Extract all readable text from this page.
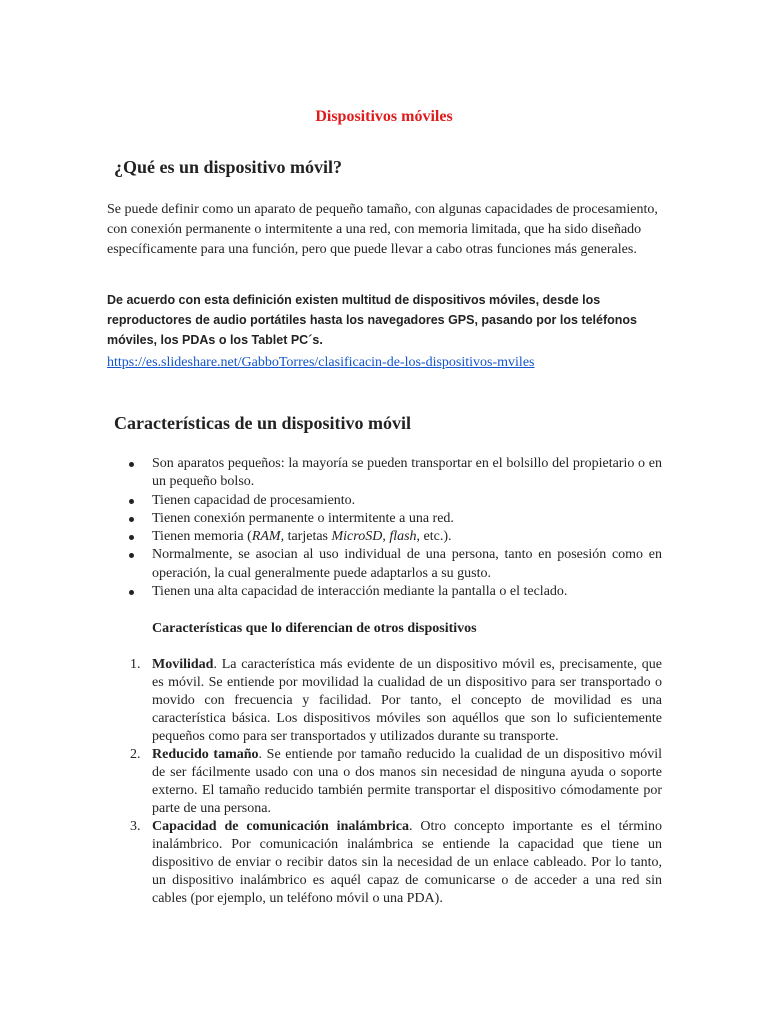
Dispositivos móviles
¿Qué es un dispositivo móvil?

Se puede definir como un aparato de pequeño tamaño, con algunas capacidades de procesamiento, con conexión permanente o intermitente a una red, con memoria limitada, que ha sido diseñado específicamente para una función, pero que puede llevar a cabo otras funciones más generales.

De acuerdo con esta definición existen multitud de dispositivos móviles, desde los reproductores de audio portátiles hasta los navegadores GPS, pasando por los teléfonos móviles, los PDAs o los Tablet PC´s.

https://es.slideshare.net/GabboTorres/clasificacin-de-los-dispositivos-mviles
Características de un dispositivo móvil
Son aparatos pequeños: la mayoría se pueden transportar en el bolsillo del propietario o en un pequeño bolso.
Tienen capacidad de procesamiento.
Tienen conexión permanente o intermitente a una red.
Tienen memoria (RAM, tarjetas MicroSD, flash, etc.).
Normalmente, se asocian al uso individual de una persona, tanto en posesión como en operación, la cual generalmente puede adaptarlos a su gusto.
Tienen una alta capacidad de interacción mediante la pantalla o el teclado.
Características que lo diferencian de otros dispositivos
1. Movilidad. La característica más evidente de un dispositivo móvil es, precisamente, que es móvil. Se entiende por movilidad la cualidad de un dispositivo para ser transportado o movido con frecuencia y facilidad. Por tanto, el concepto de movilidad es una característica básica. Los dispositivos móviles son aquéllos que son lo suficientemente pequeños como para ser transportados y utilizados durante su transporte.
2. Reducido tamaño. Se entiende por tamaño reducido la cualidad de un dispositivo móvil de ser fácilmente usado con una o dos manos sin necesidad de ninguna ayuda o soporte externo. El tamaño reducido también permite transportar el dispositivo cómodamente por parte de una persona.
3. Capacidad de comunicación inalámbrica. Otro concepto importante es el término inalámbrico. Por comunicación inalámbrica se entiende la capacidad que tiene un dispositivo de enviar o recibir datos sin la necesidad de un enlace cableado. Por lo tanto, un dispositivo inalámbrico es aquél capaz de comunicarse o de acceder a una red sin cables (por ejemplo, un teléfono móvil o una PDA).
